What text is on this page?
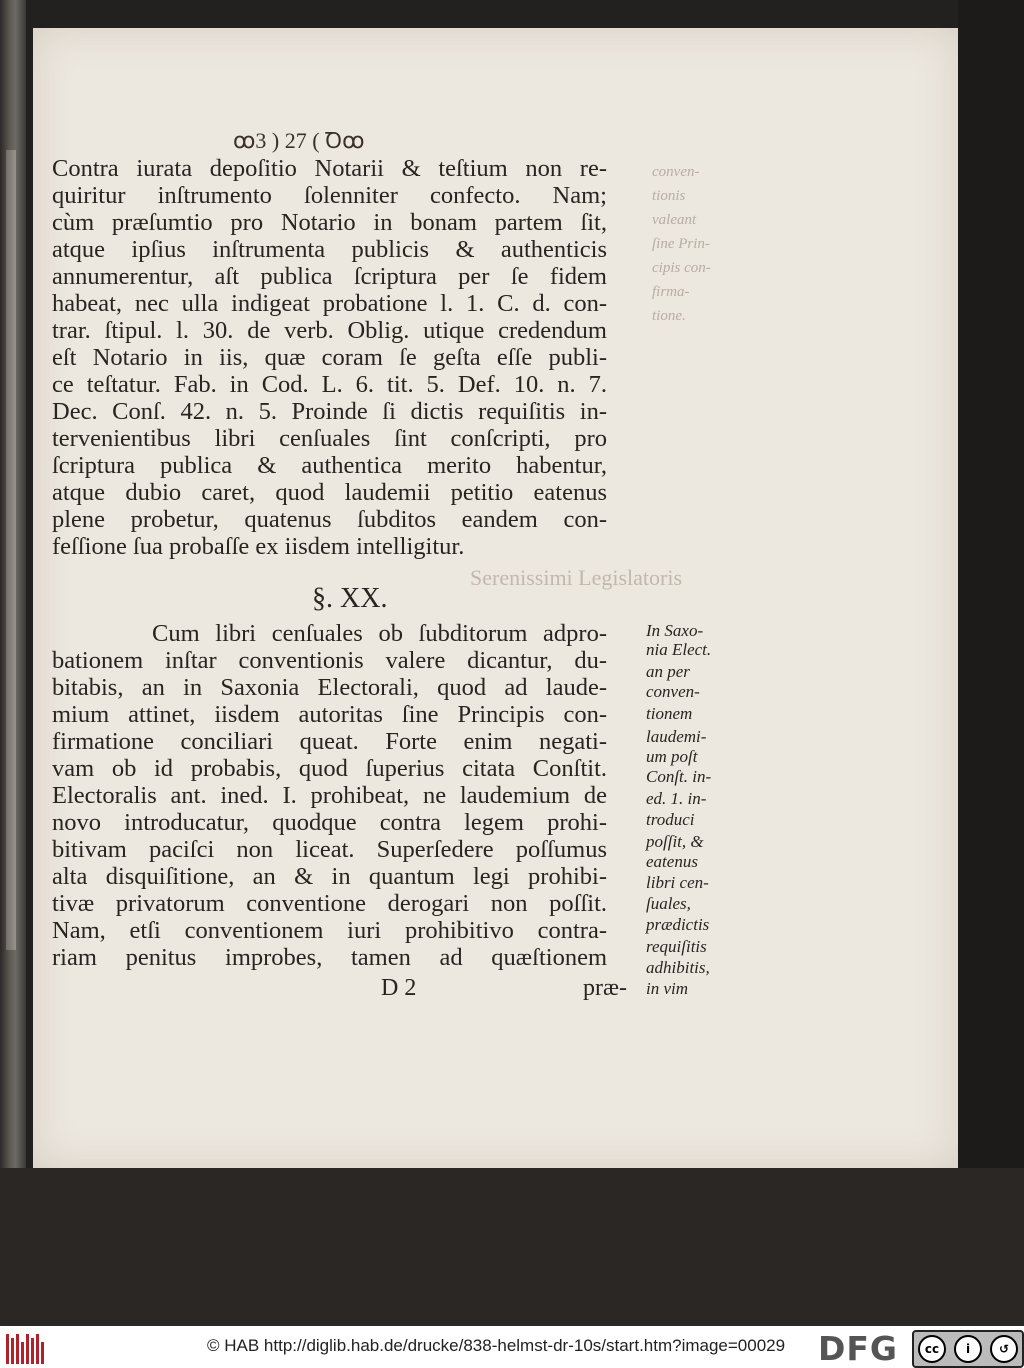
conven-
tionis
valeant
ſine Prin-
cipis con-
firma-
tione.
ꝏ3 ) 27 ( Ꝺꝏ
Contra iurata depoſitio Notarii & teſtium non re-
quiritur inſtrumento ſolenniter confecto. Nam;
cùm præſumtio pro Notario in bonam partem ſit,
atque ipſius inſtrumenta publicis & authenticis
annumerentur, aſt publica ſcriptura per ſe fidem
habeat, nec ulla indigeat probatione l. 1. C. d. con-
trar. ſtipul. l. 30. de verb. Oblig. utique credendum
eſt Notario in iis, quæ coram ſe geſta eſſe publi-
ce teſtatur. Fab. in Cod. L. 6. tit. 5. Def. 10. n. 7.
Dec. Conſ. 42. n. 5. Proinde ſi dictis requiſitis in-
tervenientibus libri cenſuales ſint conſcripti, pro
ſcriptura publica & authentica merito habentur,
atque dubio caret, quod laudemii petitio eatenus
plene probetur, quatenus ſubditos eandem con-
feſſione ſua probaſſe ex iisdem intelligitur.
Serenissimi Legislatoris
§. XX.
Cum libri cenſuales ob ſubditorum adpro-
bationem inſtar conventionis valere dicantur, du-
bitabis, an in Saxonia Electorali, quod ad laude-
mium attinet, iisdem autoritas ſine Principis con-
firmatione conciliari queat. Forte enim negati-
vam ob id probabis, quod ſuperius citata Conſtit.
Electoralis ant. ined. I. prohibeat, ne laudemium de
novo introducatur, quodque contra legem prohi-
bitivam paciſci non liceat. Superſedere poſſumus
alta disquiſitione, an & in quantum legi prohibi-
tivæ privatorum conventione derogari non poſſit.
Nam, etſi conventionem iuri prohibitivo contra-
riam penitus improbes, tamen ad quæſtionem
In Saxo-
nia Elect.
an per
conven-
tionem
laudemi-
um poſt
Conſt. in-
ed. 1. in-
troduci
poſſit, &
eatenus
libri cen-
ſuales,
prædictis
requiſitis
adhibitis,
in vim
D 2	præ-
© HAB http://diglib.hab.de/drucke/838-helmst-dr-10s/start.htm?image=00029 DFG	cc	i	↺
